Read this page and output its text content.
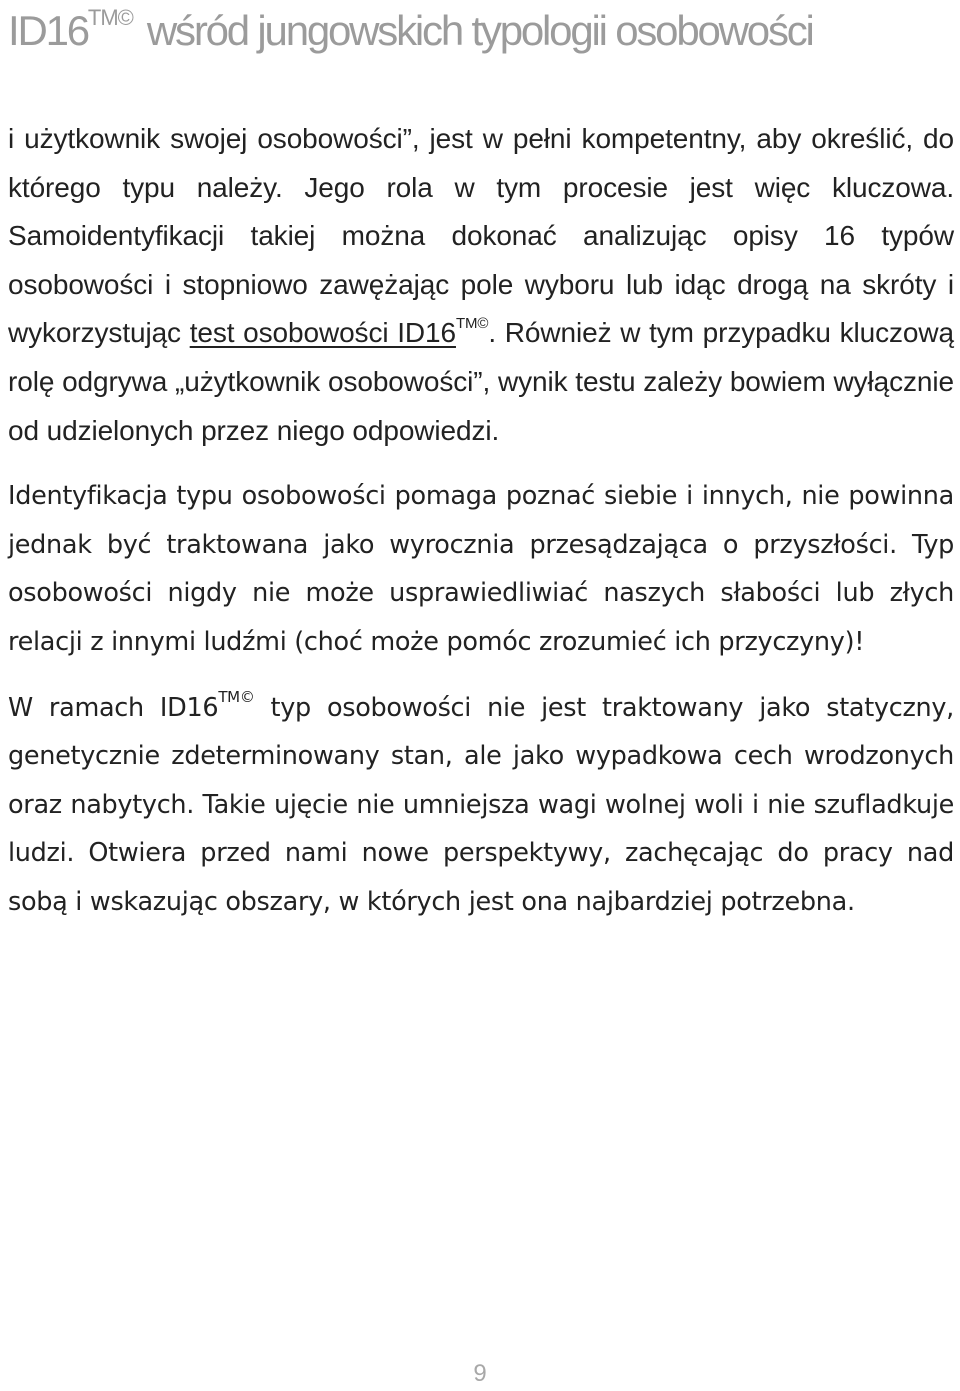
$ID16^{TM©}$ wśród jungowskich typologii osobowości

i użytkownik swojej osobowości”, jest w pełni kompetentny, aby określić, do którego typu należy. Jego rola w tym procesie jest więc kluczowa. Samoidentyfikacji takiej można dokonać analizując opisy 16 typów osobowości i stopniowo zawężając pole wyboru lub idąc drogą na skróty i wykorzystując test osobowości $ID16^{TM©}$. Również w tym przypadku kluczową rolę odgrywa „użytkownik osobowości”, wynik testu zależy bowiem wyłącznie od udzielonych przez niego odpowiedzi.

Identyfikacja typu osobowości pomaga poznać siebie i innych, nie powinna jednak być traktowana jako wyrocznia przesądzająca o przyszłości. Typ osobowości nigdy nie może usprawiedliwiać naszych słabości lub złych relacji z innymi ludźmi (choć może pomóc zrozumieć ich przyczyny)!

W ramach $ID16^{TM©}$ typ osobowości nie jest traktowany jako statyczny, genetycznie zdeterminowany stan, ale jako wypadkowa cech wrodzonych oraz nabytych. Takie ujęcie nie umniejsza wagi wolnej woli i nie szufladkuje ludzi. Otwiera przed nami nowe perspektywy, zachęcając do pracy nad sobą i wskazując obszary, w których jest ona najbardziej potrzebna.

9
